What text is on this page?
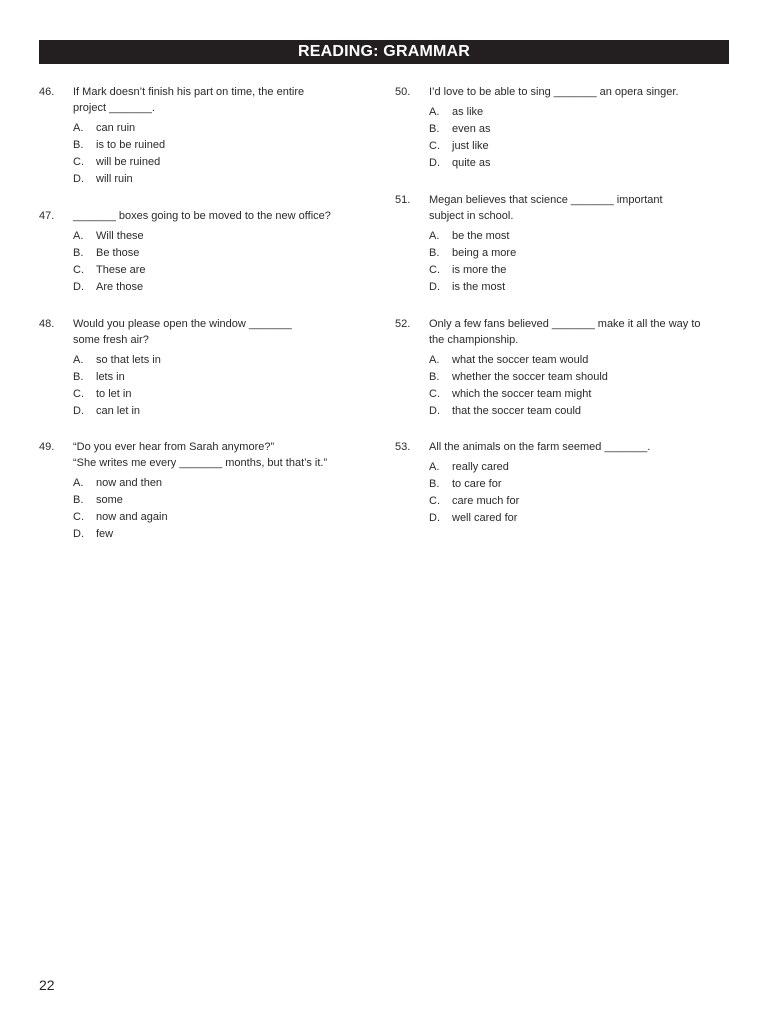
READING: GRAMMAR
46.	If Mark doesn’t finish his part on time, the entire
project _______.
A.	can ruin
B.	is to be ruined
C.	will be ruined
D.	will ruin
47.	_______ boxes going to be moved to the new office?
A.	Will these
B.	Be those
C.	These are
D.	Are those
48.	Would you please open the window _______
some fresh air?
A.	so that lets in
B.	lets in
C.	to let in
D.	can let in
49.	“Do you ever hear from Sarah anymore?”
“She writes me every _______ months, but that’s it.”
A.	now and then
B.	some
C.	now and again
D.	few
50.	I’d love to be able to sing _______ an opera singer.
A.	as like
B.	even as
C.	just like
D.	quite as
51.	Megan believes that science _______ important
subject in school.
A.	be the most
B.	being a more
C.	is more the
D.	is the most
52.	Only a few fans believed _______ make it all the way to
the championship.
A.	what the soccer team would
B.	whether the soccer team should
C.	which the soccer team might
D.	that the soccer team could
53.	All the animals on the farm seemed _______.
A.	really cared
B.	to care for
C.	care much for
D.	well cared for
22
